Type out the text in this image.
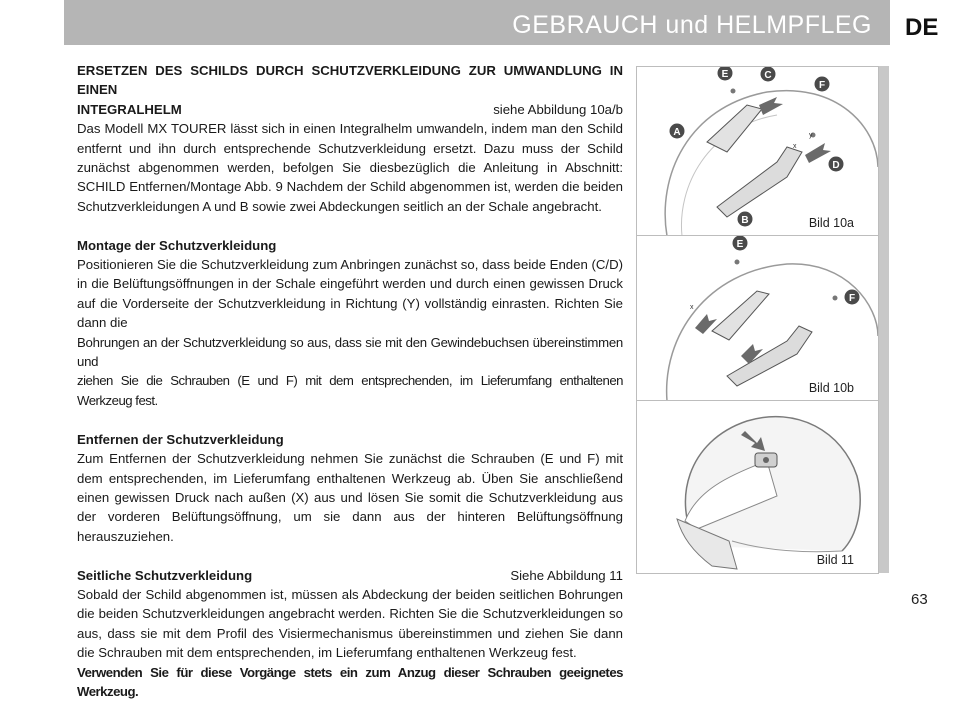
GEBRAUCH und HELMPFLEG DE

ERSETZEN DES SCHILDS DURCH SCHUTZVERKLEIDUNG ZUR UMWANDLUNG IN EINEN

INTEGRALHELM	siehe Abbildung 10a/b

Das Modell MX TOURER lässt sich in einen Integralhelm umwandeln, indem man den Schild entfernt und ihn durch entsprechende Schutzverkleidung ersetzt. Dazu muss der Schild zunächst abgenommen werden, befolgen Sie diesbezüglich die Anleitung in Abschnitt: SCHILD Entfernen/Montage Abb. 9 Nachdem der Schild abgenommen ist, werden die beiden Schutzverkleidungen A und B sowie zwei Abdeckungen seitlich an der Schale angebracht.

Montage der Schutzverkleidung

Positionieren Sie die Schutzverkleidung zum Anbringen zunächst so, dass beide Enden (C/D) in die Belüftungsöffnungen in der Schale eingeführt werden und durch einen gewissen Druck auf die Vorderseite der Schutzverkleidung in Richtung (Y) vollständig einrasten. Richten Sie dann die

Bohrungen an der Schutzverkleidung so aus, dass sie mit den Gewindebuchsen übereinstimmen und

ziehen Sie die Schrauben (E und F) mit dem entsprechenden, im Lieferumfang enthaltenen Werkzeug fest.

Entfernen der Schutzverkleidung

Zum Entfernen der Schutzverkleidung nehmen Sie zunächst die Schrauben (E und F) mit dem entsprechenden, im Lieferumfang enthaltenen Werkzeug ab. Üben Sie anschließend einen gewissen Druck nach außen (X) aus und lösen Sie somit die Schutzverkleidung aus der vorderen Belüftungsöffnung, um sie dann aus der hinteren Belüftungsöffnung herauszuziehen.

Seitliche Schutzverkleidung	Siehe Abbildung 11

Sobald der Schild abgenommen ist, müssen als Abdeckung der beiden seitlichen Bohrungen die beiden Schutzverkleidungen angebracht werden. Richten Sie die Schutzverkleidungen so aus, dass sie mit dem Profil des Visiermechanismus übereinstimmen und ziehen Sie dann die Schrauben mit dem entsprechenden, im Lieferumfang enthaltenen Werkzeug fest.

Verwenden Sie für diese Vorgänge stets ein zum Anzug dieser Schrauben geeignetes Werkzeug.

A
B
C
D
E
F
x
y
Bild 10a
E
F
x
Bild 10b
Bild 11
63
